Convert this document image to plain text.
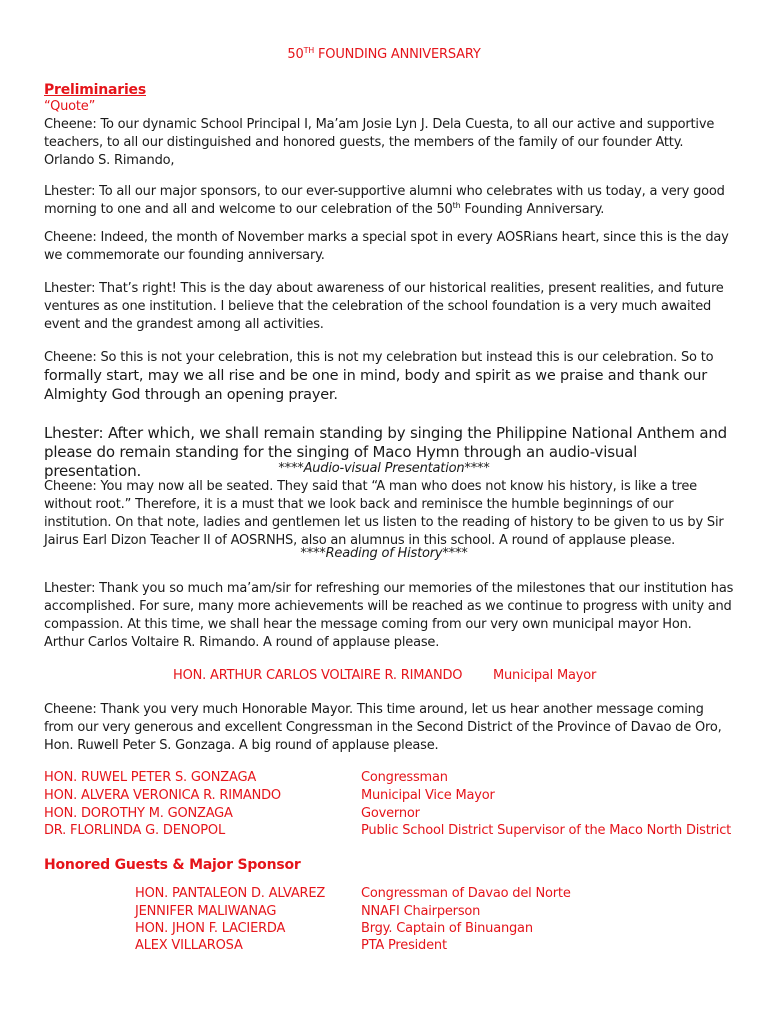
50TH FOUNDING ANNIVERSARY
Preliminaries
“Quote”

Cheene: To our dynamic School Principal I, Ma’am Josie Lyn J. Dela Cuesta, to all our active and supportive teachers, to all our distinguished and honored guests, the members of the family of our founder Atty. Orlando S. Rimando,

Lhester: To all our major sponsors, to our ever-supportive alumni who celebrates with us today, a very good morning to one and all and welcome to our celebration of the 50th Founding Anniversary.

Cheene: Indeed, the month of November marks a special spot in every AOSRians heart, since this is the day we commemorate our founding anniversary.

Lhester: That’s right! This is the day about awareness of our historical realities, present realities, and future ventures as one institution. I believe that the celebration of the school foundation is a very much awaited event and the grandest among all activities.

Cheene: So this is not your celebration, this is not my celebration but instead this is our celebration. So to
formally start, may we all rise and be one in mind, body and spirit as we praise and thank our Almighty God through an opening prayer.

Lhester: After which, we shall remain standing by singing the Philippine National Anthem and please do remain standing for the singing of Maco Hymn through an audio-visual presentation.	****Audio-visual Presentation****

Cheene: You may now all be seated. They said that “A man who does not know his history, is like a tree without root.” Therefore, it is a must that we look back and reminisce the humble beginnings of our institution. On that note, ladies and gentlemen let us listen to the reading of history to be given to us by Sir Jairus Earl Dizon Teacher II of AOSRNHS, also an alumnus in this school. A round of applause please.

****Reading of History****

Lhester: Thank you so much ma’am/sir for refreshing our memories of the milestones that our institution has accomplished. For sure, many more achievements will be reached as we continue to progress with unity and compassion. At this time, we shall hear the message coming from our very own municipal mayor Hon. Arthur Carlos Voltaire R. Rimando. A round of applause please.

HON. ARTHUR CARLOS VOLTAIRE R. RIMANDO Municipal Mayor

Cheene: Thank you very much Honorable Mayor. This time around, let us hear another message coming from our very generous and excellent Congressman in the Second District of the Province of Davao de Oro, Hon. Ruwell Peter S. Gonzaga. A big round of applause please.

HON. RUWEL PETER S. GONZAGA	Congressman
HON. ALVERA VERONICA R. RIMANDO	Municipal Vice Mayor
HON. DOROTHY M. GONZAGA	Governor
DR. FLORLINDA G. DENOPOL	Public School District Supervisor of the Maco North District
Honored Guests & Major Sponsor
HON. PANTALEON D. ALVAREZ	Congressman of Davao del Norte
JENNIFER MALIWANAG	NNAFI Chairperson
HON. JHON F. LACIERDA	Brgy. Captain of Binuangan
ALEX VILLAROSA	PTA President
